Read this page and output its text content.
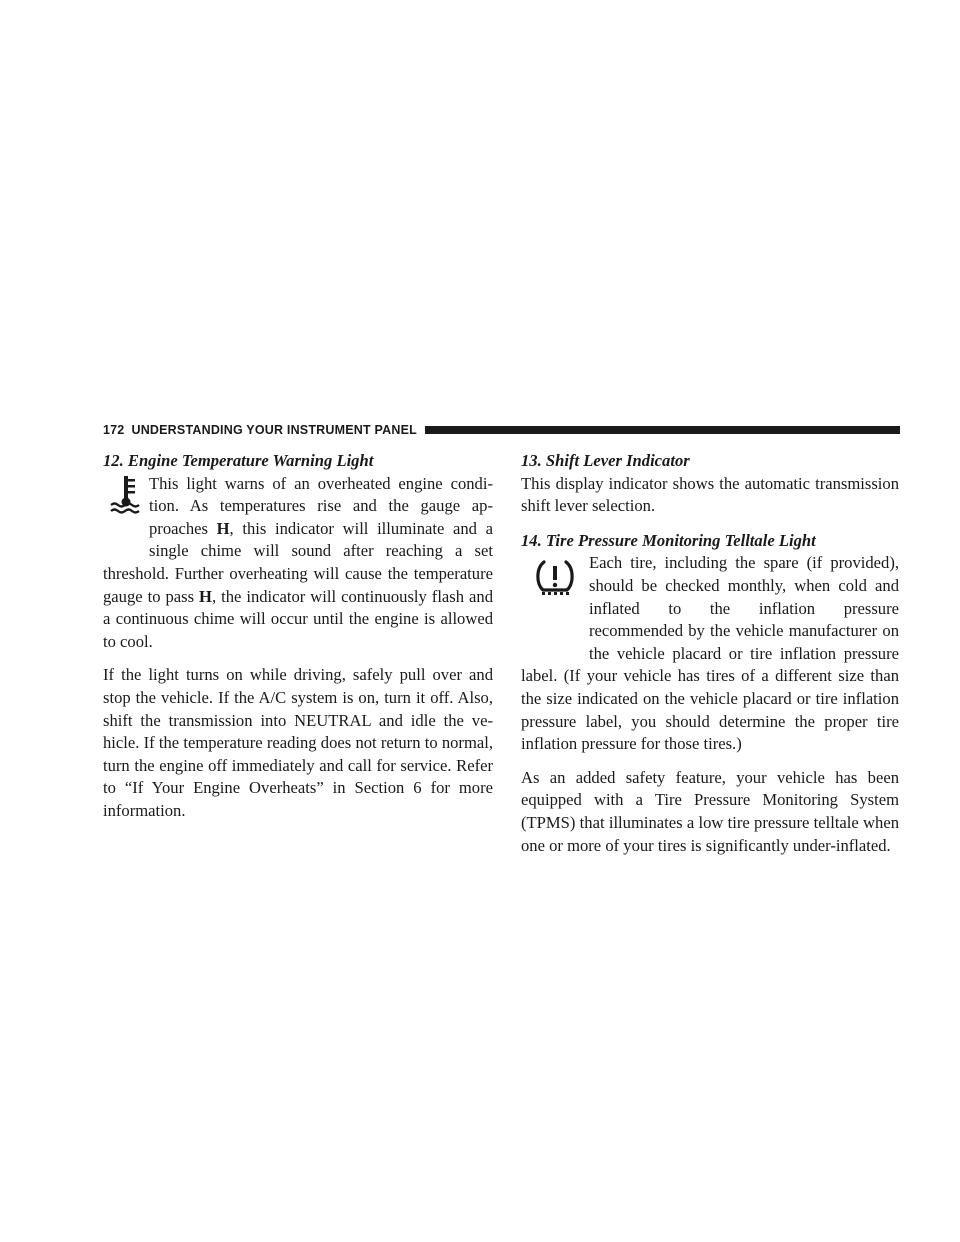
172 UNDERSTANDING YOUR INSTRUMENT PANEL
12. Engine Temperature Warning Light

This light warns of an overheated engine condi- tion. As temperatures rise and the gauge ap- proaches H, this indicator will illuminate and a single chime will sound after reaching a set threshold. Further overheating will cause the temperature gauge to pass H, the indicator will continuously flash and a continuous chime will occur until the engine is allowed to cool.

If the light turns on while driving, safely pull over and stop the vehicle. If the A/C system is on, turn it off. Also, shift the transmission into NEUTRAL and idle the ve- hicle. If the temperature reading does not return to normal, turn the engine off immediately and call for service. Refer to “If Your Engine Overheats” in Section 6 for more information.

13. Shift Lever Indicator

This display indicator shows the automatic transmission shift lever selection.

14. Tire Pressure Monitoring Telltale Light

Each tire, including the spare (if provided), should be checked monthly, when cold and inflated to the inflation pressure recommended by the vehicle manufacturer on the vehicle placard or tire inflation pressure label. (If your vehicle has tires of a different size than the size indicated on the vehicle placard or tire inflation pressure label, you should determine the proper tire inflation pressure for those tires.)

As an added safety feature, your vehicle has been equipped with a Tire Pressure Monitoring System (TPMS) that illuminates a low tire pressure telltale when one or more of your tires is significantly under-inflated.
